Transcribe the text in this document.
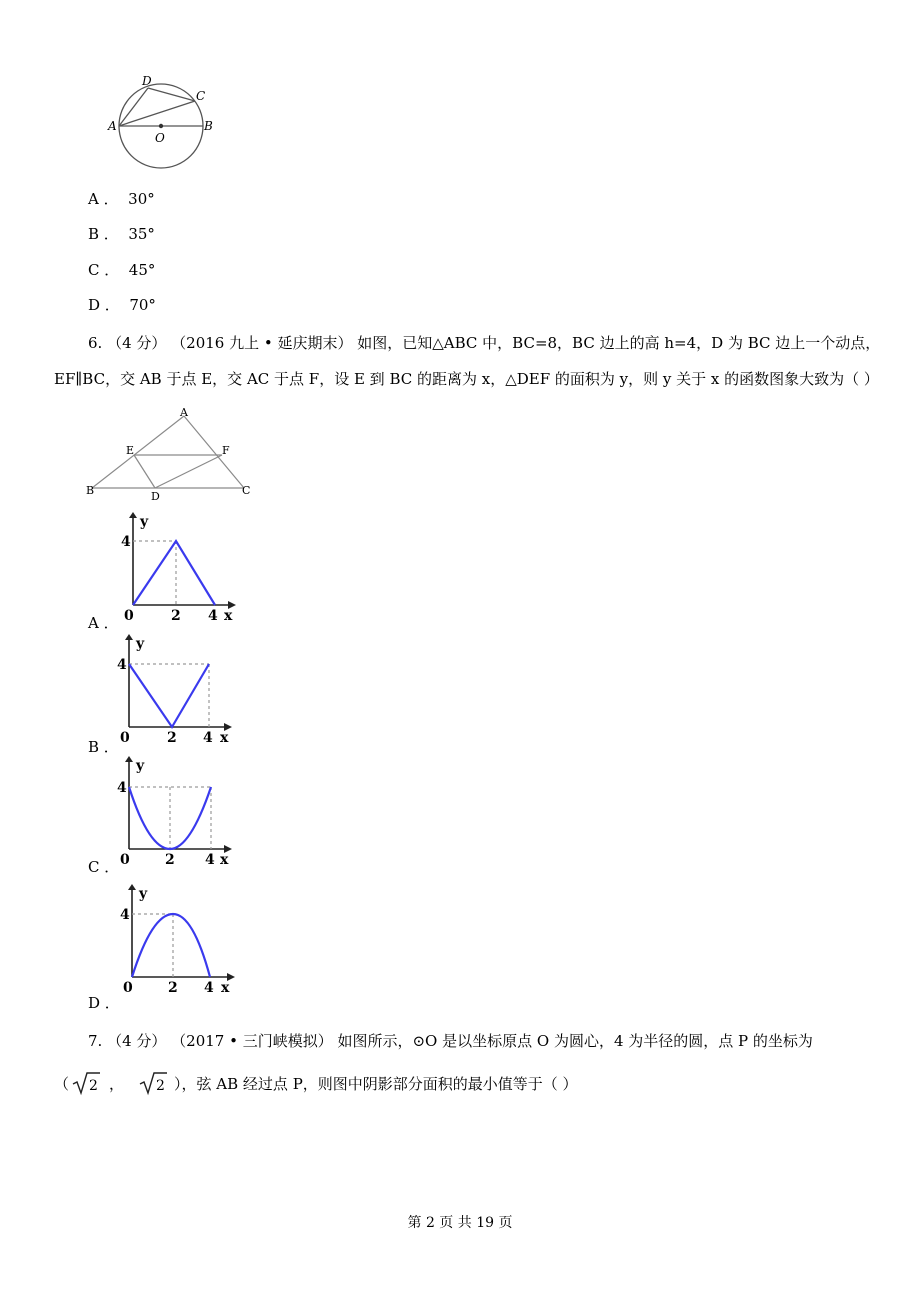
D
C
A	B
O
A ． 30°
B ． 35°
C ． 45°
D ． 70°
6. （4 分） （2016 九上 • 延庆期末） 如图，已知△ABC 中，BC=8，BC 边上的高 h=4，D 为 BC 边上一个动点，
EF∥BC，交 AB 于点 E，交 AC 于点 F，设 E 到 BC 的距离为 x，△DEF 的面积为 y，则 y 关于 x 的函数图象大致为（ ）
A
E	F
B	D	C
A ．
y
4
0	2 4 x
B ．
y
4
0	2 4 x
C ．
y
4
0	2 4 x
D ．
y
4
0	2 4 x
7. （4 分） （2017 • 三门峡模拟） 如图所示，⊙O 是以坐标原点 O 为圆心，4 为半径的圆，点 P 的坐标为
（ 2 ， 2 ），弦 AB 经过点 P，则图中阴影部分面积的最小值等于（ ）
第 2 页 共 19 页
